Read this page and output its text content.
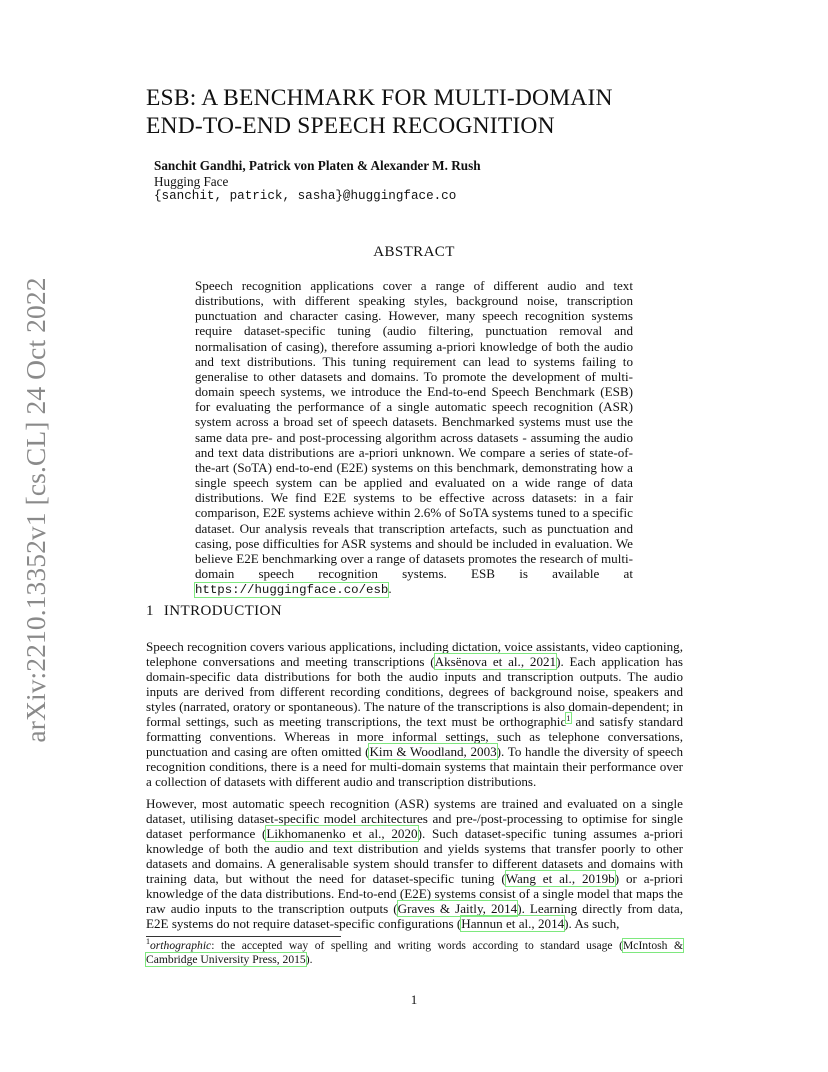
arXiv:2210.13352v1 [cs.CL] 24 Oct 2022
ESB: A BENCHMARK FOR MULTI-DOMAIN
END-TO-END SPEECH RECOGNITION
Sanchit Gandhi, Patrick von Platen & Alexander M. Rush
Hugging Face
{sanchit, patrick, sasha}@huggingface.co
ABSTRACT
Speech recognition applications cover a range of different audio and text distributions, with different speaking styles, background noise, transcription punctuation and character casing. However, many speech recognition systems require dataset-specific tuning (audio filtering, punctuation removal and normalisation of casing), therefore assuming a-priori knowledge of both the audio and text distributions. This tuning requirement can lead to systems failing to generalise to other datasets and domains. To promote the development of multi-domain speech systems, we introduce the End-to-end Speech Benchmark (ESB) for evaluating the performance of a single automatic speech recognition (ASR) system across a broad set of speech datasets. Benchmarked systems must use the same data pre- and post-processing algorithm across datasets - assuming the audio and text data distributions are a-priori unknown. We compare a series of state-of-the-art (SoTA) end-to-end (E2E) systems on this benchmark, demonstrating how a single speech system can be applied and evaluated on a wide range of data distributions. We find E2E systems to be effective across datasets: in a fair comparison, E2E systems achieve within 2.6% of SoTA systems tuned to a specific dataset. Our analysis reveals that transcription artefacts, such as punctuation and casing, pose difficulties for ASR systems and should be included in evaluation. We believe E2E benchmarking over a range of datasets promotes the research of multi-domain speech recognition systems. ESB is available at https://huggingface.co/esb.
1 INTRODUCTION
Speech recognition covers various applications, including dictation, voice assistants, video captioning, telephone conversations and meeting transcriptions (Aksënova et al., 2021). Each application has domain-specific data distributions for both the audio inputs and transcription outputs. The audio inputs are derived from different recording conditions, degrees of background noise, speakers and styles (narrated, oratory or spontaneous). The nature of the transcriptions is also domain-dependent; in formal settings, such as meeting transcriptions, the text must be orthographic$^1$ and satisfy standard formatting conventions. Whereas in more informal settings, such as telephone conversations, punctuation and casing are often omitted (Kim & Woodland, 2003). To handle the diversity of speech recognition conditions, there is a need for multi-domain systems that maintain their performance over a collection of datasets with different audio and transcription distributions.
However, most automatic speech recognition (ASR) systems are trained and evaluated on a single dataset, utilising dataset-specific model architectures and pre-/post-processing to optimise for single dataset performance (Likhomanenko et al., 2020). Such dataset-specific tuning assumes a-priori knowledge of both the audio and text distribution and yields systems that transfer poorly to other datasets and domains. A generalisable system should transfer to different datasets and domains with training data, but without the need for dataset-specific tuning (Wang et al., 2019b) or a-priori knowledge of the data distributions. End-to-end (E2E) systems consist of a single model that maps the raw audio inputs to the transcription outputs (Graves & Jaitly, 2014). Learning directly from data, E2E systems do not require dataset-specific configurations (Hannun et al., 2014). As such,
$^1$orthographic: the accepted way of spelling and writing words according to standard usage (McIntosh & Cambridge University Press, 2015).
1
